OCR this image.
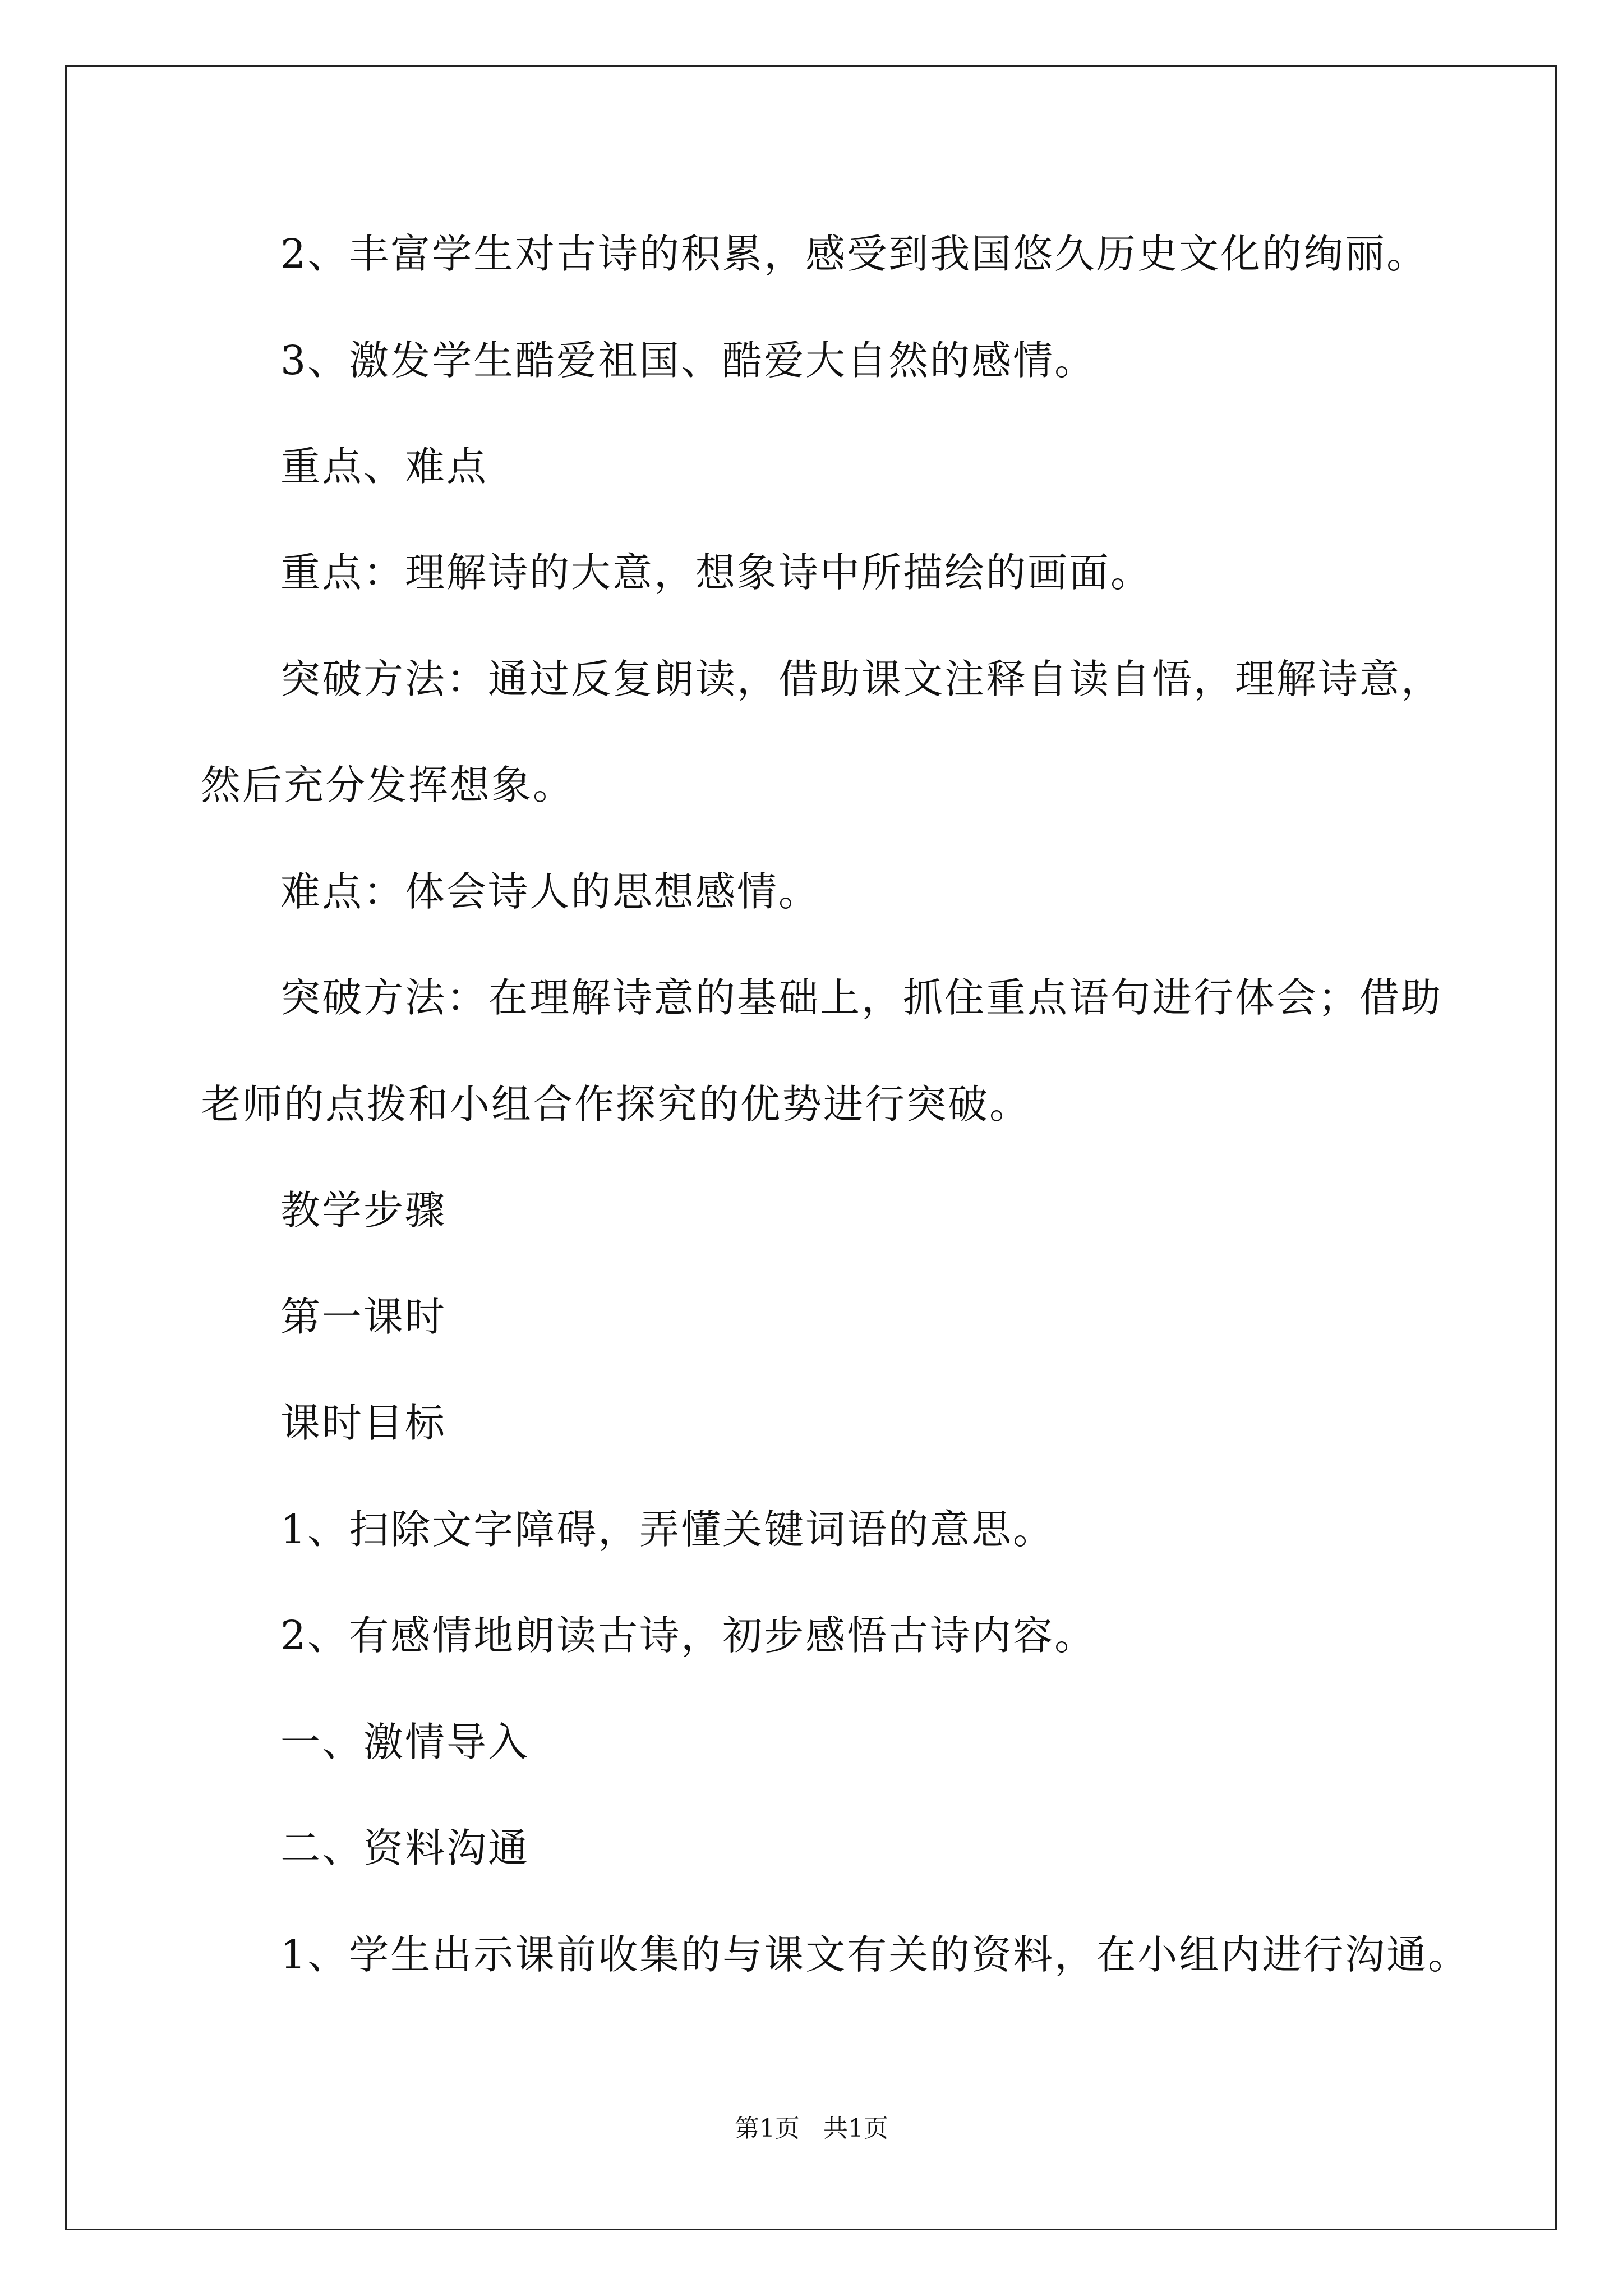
2、丰富学生对古诗的积累，感受到我国悠久历史文化的绚丽。

3、激发学生酷爱祖国、酷爱大自然的感情。

重点、难点

重点：理解诗的大意，想象诗中所描绘的画面。

突破方法：通过反复朗读，借助课文注释自读自悟，理解诗意，

然后充分发挥想象。

难点：体会诗人的思想感情。

突破方法：在理解诗意的基础上，抓住重点语句进行体会；借助

老师的点拨和小组合作探究的优势进行突破。

教学步骤

第一课时

课时目标

1、扫除文字障碍，弄懂关键词语的意思。

2、有感情地朗读古诗，初步感悟古诗内容。

一、激情导入

二、资料沟通

1、学生出示课前收集的与课文有关的资料，在小组内进行沟通。

第1页   共1页
